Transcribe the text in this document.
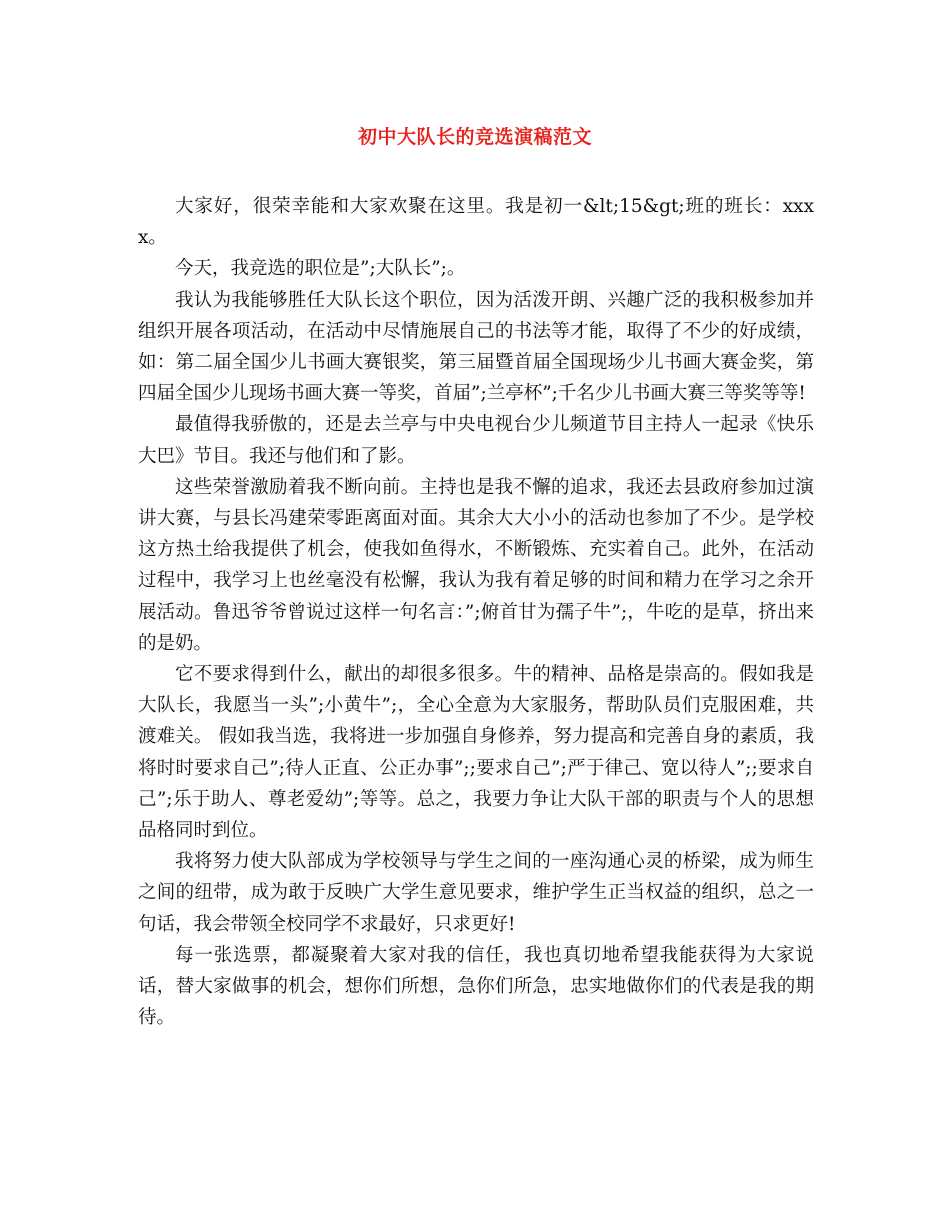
初中大队长的竞选演稿范文

大家好，很荣幸能和大家欢聚在这里。我是初一&lt;15&gt;班的班长：xxxx。

今天，我竞选的职位是”;大队长”;。

我认为我能够胜任大队长这个职位，因为活泼开朗、兴趣广泛的我积极参加并组织开展各项活动，在活动中尽情施展自己的书法等才能，取得了不少的好成绩，如：第二届全国少儿书画大赛银奖，第三届暨首届全国现场少儿书画大赛金奖，第四届全国少儿现场书画大赛一等奖，首届”;兰亭杯”;千名少儿书画大赛三等奖等等!

最值得我骄傲的，还是去兰亭与中央电视台少儿频道节目主持人一起录《快乐大巴》节目。我还与他们和了影。

这些荣誉激励着我不断向前。主持也是我不懈的追求，我还去县政府参加过演讲大赛，与县长冯建荣零距离面对面。其余大大小小的活动也参加了不少。是学校这方热土给我提供了机会，使我如鱼得水，不断锻炼、充实着自己。此外，在活动过程中，我学习上也丝毫没有松懈，我认为我有着足够的时间和精力在学习之余开展活动。鲁迅爷爷曾说过这样一句名言：”;俯首甘为孺子牛”;，牛吃的是草，挤出来的是奶。

它不要求得到什么，献出的却很多很多。牛的精神、品格是崇高的。假如我是大队长，我愿当一头”;小黄牛”;，全心全意为大家服务，帮助队员们克服困难，共渡难关。 假如我当选，我将进一步加强自身修养，努力提高和完善自身的素质，我将时时要求自己”;待人正直、公正办事”;;要求自己”;严于律己、宽以待人”;;要求自己”;乐于助人、尊老爱幼”;等等。总之，我要力争让大队干部的职责与个人的思想品格同时到位。

我将努力使大队部成为学校领导与学生之间的一座沟通心灵的桥梁，成为师生之间的纽带，成为敢于反映广大学生意见要求，维护学生正当权益的组织，总之一句话，我会带领全校同学不求最好，只求更好!

每一张选票，都凝聚着大家对我的信任，我也真切地希望我能获得为大家说话，替大家做事的机会，想你们所想，急你们所急，忠实地做你们的代表是我的期待。
